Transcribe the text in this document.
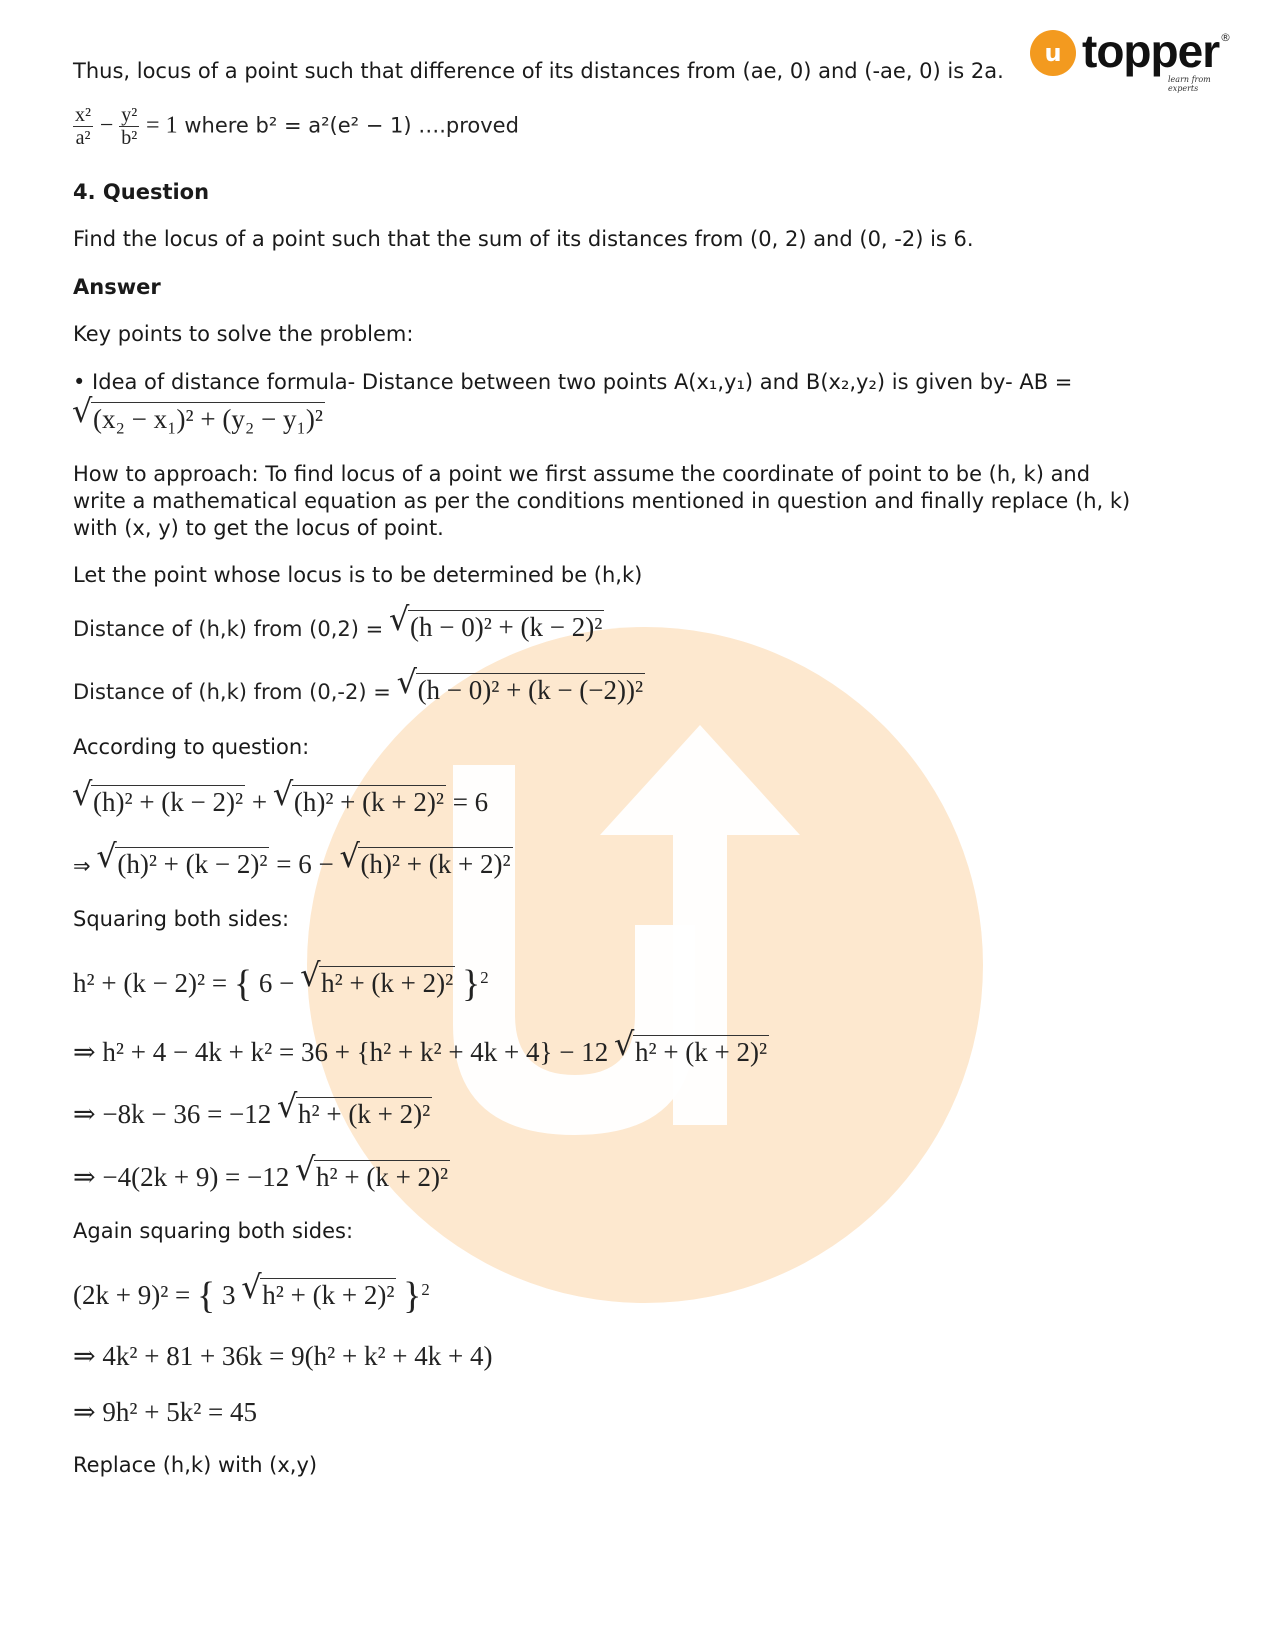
u topper
learn from experts
®
Thus, locus of a point such that difference of its distances from (ae, 0) and (-ae, 0) is 2a.
$\frac{\text{x²}}{\text{a²}} - \frac{\text{y²}}{\text{b²}} = 1$ where b² = a²(e² − 1) ….proved
4. Question
Find the locus of a point such that the sum of its distances from (0, 2) and (0, -2) is 6.
Answer
Key points to solve the problem:
• Idea of distance formula- Distance between two points A(x₁,y₁) and B(x₂,y₂) is given by- AB =
√ (x₂ − x₁)² + (y₂ − y₁)²
How to approach: To find locus of a point we first assume the coordinate of point to be (h, k) and
write a mathematical equation as per the conditions mentioned in question and finally replace (h, k)
with (x, y) to get the locus of point.
Let the point whose locus is to be determined be (h,k)
Distance of (h,k) from (0,2) = √ (h − 0)² + (k − 2)²
Distance of (h,k) from (0,-2) = √ (h − 0)² + (k − (−2))²
According to question:
√ (h)² + (k − 2)² + √ (h)² + (k + 2)² = 6
⇒ √ (h)² + (k − 2)² = 6 − √ (h)² + (k + 2)²
Squaring both sides:
h² + (k − 2)² = { 6 − √ h² + (k + 2)² }$^2$
⇒ h² + 4 − 4k + k² = 36 + {h² + k² + 4k + 4} − 12 √ h² + (k + 2)²
⇒ −8k − 36 = −12 √ h² + (k + 2)²
⇒ −4(2k + 9) = −12 √ h² + (k + 2)²
Again squaring both sides:
(2k + 9)² = { 3 √ h² + (k + 2)² }$^2$
⇒ 4k² + 81 + 36k = 9(h² + k² + 4k + 4)
⇒ 9h² + 5k² = 45
Replace (h,k) with (x,y)
